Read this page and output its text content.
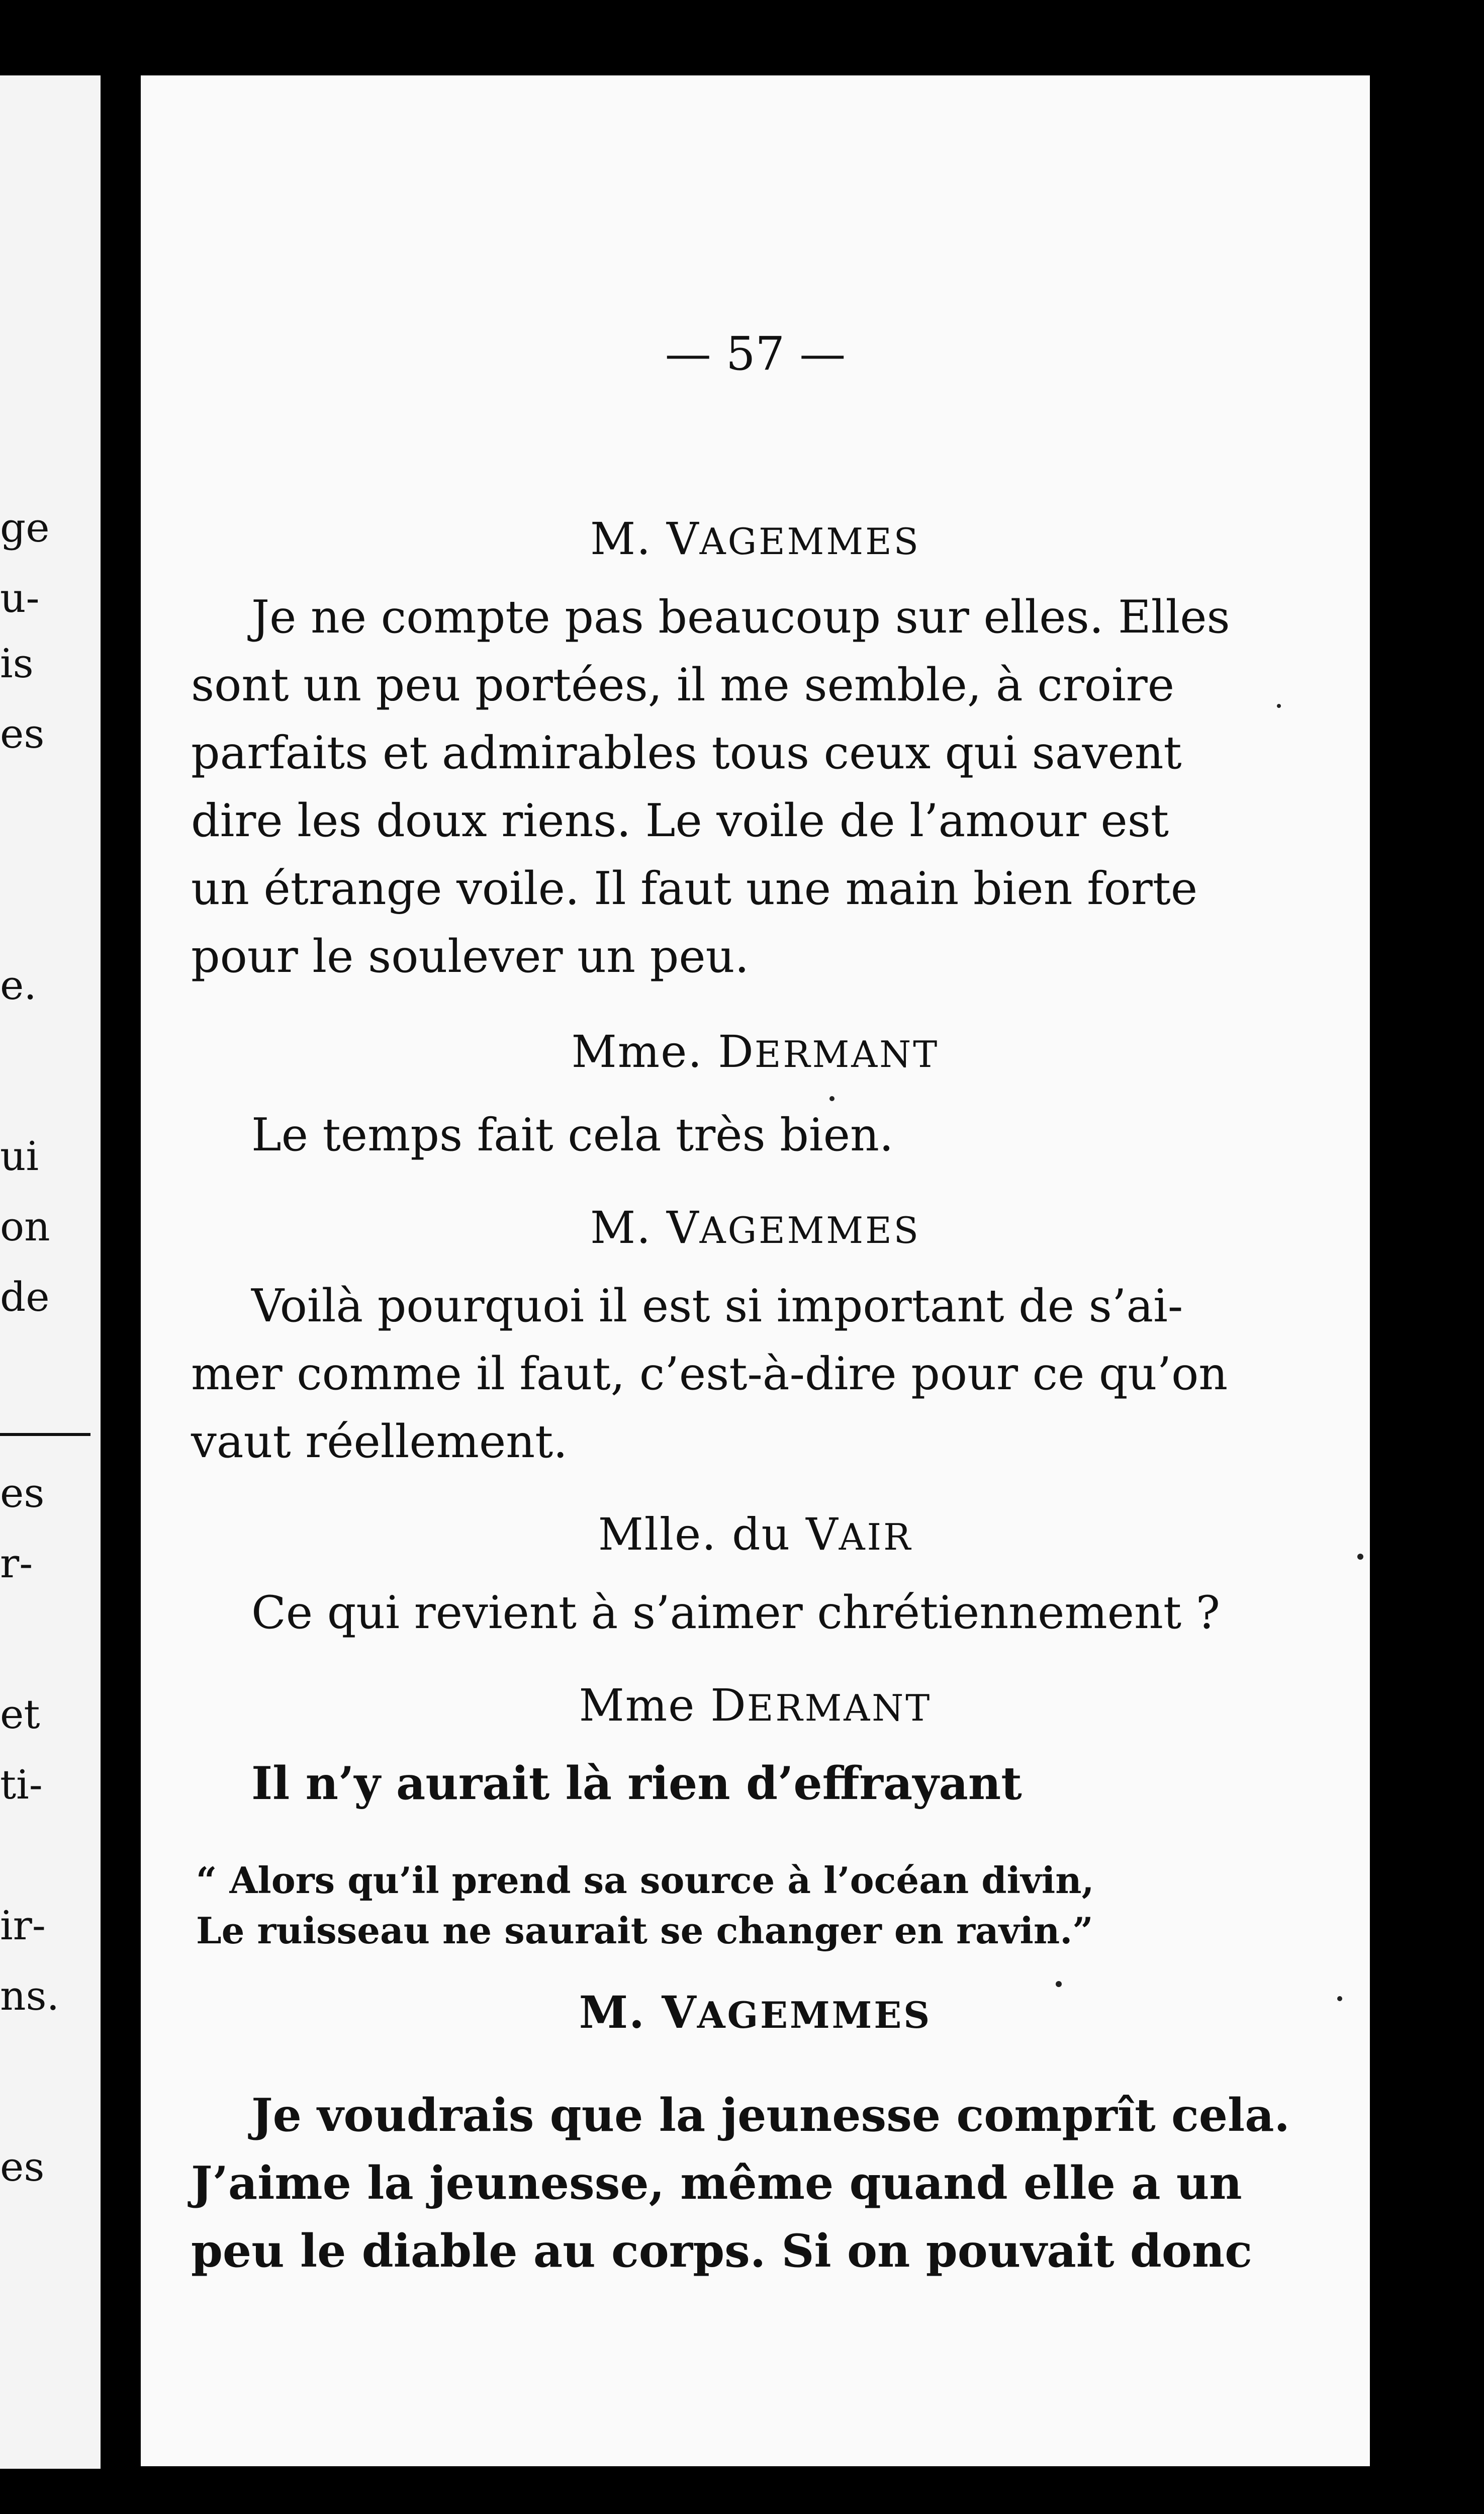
ge
u-
is
es
e.
ui
on
de
es
r-
et
ti-
ir-
ns.
es
— 57 —
M. VAGEMMES
Je ne compte pas beaucoup sur elles. Elles
sont un peu portées, il me semble, à croire
parfaits et admirables tous ceux qui savent
dire les doux riens. Le voile de l’amour est
un étrange voile. Il faut une main bien forte
pour le soulever un peu.
Mme. DERMANT
Le temps fait cela très bien.
M. VAGEMMES
Voilà pourquoi il est si important de s’ai-
mer comme il faut, c’est-à-dire pour ce qu’on
vaut réellement.
Mlle. du VAIR
Ce qui revient à s’aimer chrétiennement ?
Mme DERMANT
Il n’y aurait là rien d’effrayant
“ Alors qu’il prend sa source à l’océan divin,
Le ruisseau ne saurait se changer en ravin.”
M. VAGEMMES
Je voudrais que la jeunesse comprît cela.
J’aime la jeunesse, même quand elle a un
peu le diable au corps. Si on pouvait donc
